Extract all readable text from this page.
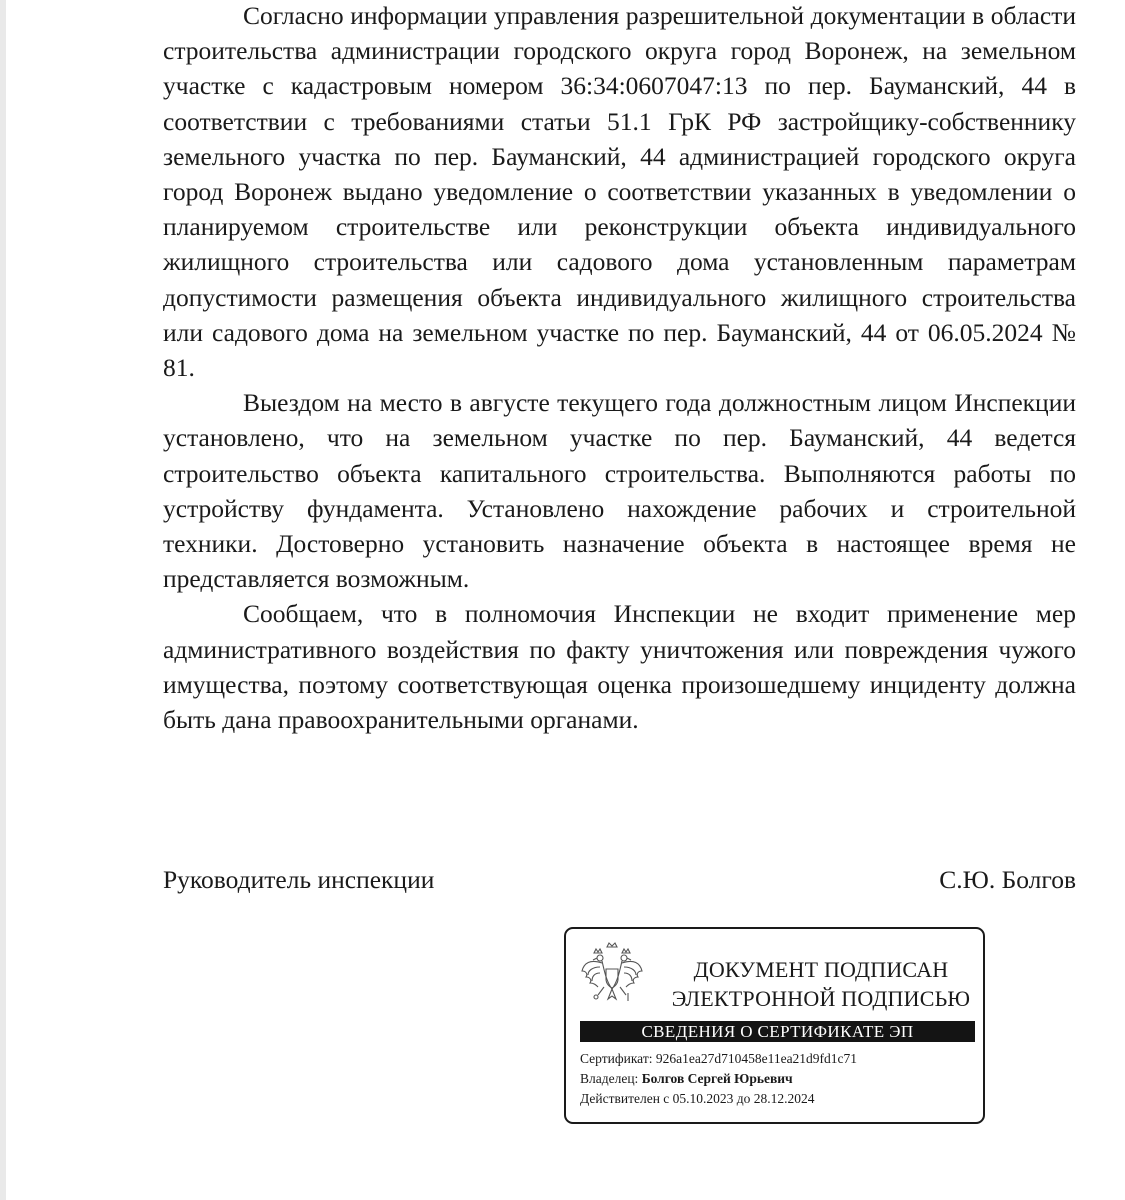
Согласно информации управления разрешительной документации в области строительства администрации городского округа город Воронеж, на земельном участке с кадастровым номером 36:34:0607047:13 по пер. Бауманский, 44 в соответствии с требованиями статьи 51.1 ГрК РФ застройщику-собственнику земельного участка по пер. Бауманский, 44 администрацией городского округа город Воронеж выдано уведомление о соответствии указанных в уведомлении о планируемом строительстве или реконструкции объекта индивидуального жилищного строительства или садового дома установленным параметрам допустимости размещения объекта индивидуального жилищного строительства или садового дома на земельном участке по пер. Бауманский, 44 от 06.05.2024 № 81.

Выездом на место в августе текущего года должностным лицом Инспекции установлено, что на земельном участке по пер. Бауманский, 44 ведется строительство объекта капитального строительства. Выполняются работы по устройству фундамента. Установлено нахождение рабочих и строительной техники. Достоверно установить назначение объекта в настоящее время не представляется возможным.

Сообщаем, что в полномочия Инспекции не входит применение мер административного воздействия по факту уничтожения или повреждения чужого имущества, поэтому соответствующая оценка произошедшему инциденту должна быть дана правоохранительными органами.

Руководитель инспекции	С.Ю. Болгов
ДОКУМЕНТ ПОДПИСАН
ЭЛЕКТРОННОЙ ПОДПИСЬЮ
СВЕДЕНИЯ О СЕРТИФИКАТЕ ЭП
Сертификат: 926a1ea27d710458e11ea21d9fd1c71
Владелец: Болгов Сергей Юрьевич
Действителен с 05.10.2023 до 28.12.2024
